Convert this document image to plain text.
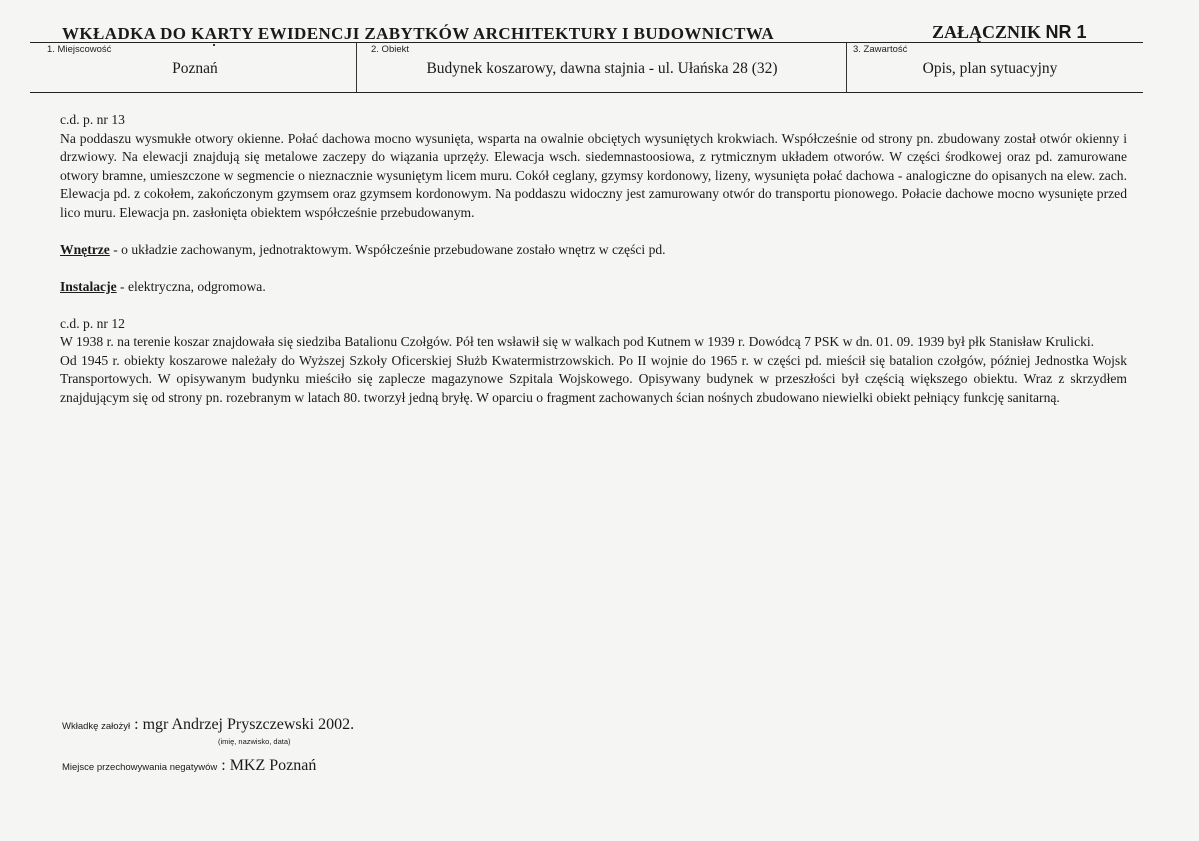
WKŁADKA DO KARTY EWIDENCJI ZABYTKÓW ARCHITEKTURY I BUDOWNICTWA	ZAŁĄCZNIK NR 1
1. Miejscowość
Poznań
2. Obiekt
Budynek koszarowy, dawna stajnia - ul. Ułańska 28 (32)
3. Zawartość
Opis, plan sytuacyjny

c.d. p. nr 13

Na poddaszu wysmukłe otwory okienne. Połać dachowa mocno wysunięta, wsparta na owalnie obciętych wysuniętych krokwiach. Współcześnie od strony pn. zbudowany został otwór okienny i drzwiowy. Na elewacji znajdują się metalowe zaczepy do wiązania uprzęży. Elewacja wsch. siedemnastoosiowa, z rytmicznym układem otworów. W części środkowej oraz pd. zamurowane otwory bramne, umieszczone w segmencie o nieznacznie wysuniętym licem muru. Cokół ceglany, gzymsy kordonowy, lizeny, wysunięta połać dachowa - analogiczne do opisanych na elew. zach. Elewacja pd. z cokołem, zakończonym gzymsem oraz gzymsem kordonowym. Na poddaszu widoczny jest zamurowany otwór do transportu pionowego. Połacie dachowe mocno wysunięte przed lico muru. Elewacja pn. zasłonięta obiektem współcześnie przebudowanym.

Wnętrze - o układzie zachowanym, jednotraktowym. Współcześnie przebudowane zostało wnętrz w części pd.

Instalacje - elektryczna, odgromowa.

c.d. p. nr 12

W 1938 r. na terenie koszar znajdowała się siedziba Batalionu Czołgów. Pół ten wsławił się w walkach pod Kutnem w 1939 r. Dowódcą 7 PSK w dn. 01. 09. 1939 był płk Stanisław Krulicki.

Od 1945 r. obiekty koszarowe należały do Wyższej Szkoły Oficerskiej Służb Kwatermistrzowskich. Po II wojnie do 1965 r. w części pd. mieścił się batalion czołgów, później Jednostka Wojsk Transportowych. W opisywanym budynku mieściło się zaplecze magazynowe Szpitala Wojskowego. Opisywany budynek w przeszłości był częścią większego obiektu. Wraz z skrzydłem znajdującym się od strony pn. rozebranym w latach 80. tworzył jedną bryłę. W oparciu o fragment zachowanych ścian nośnych zbudowano niewielki obiekt pełniący funkcję sanitarną.

Wkładkę założył : mgr Andrzej Pryszczewski 2002.
(imię, nazwisko, data)
Miejsce przechowywania negatywów : MKZ Poznań
